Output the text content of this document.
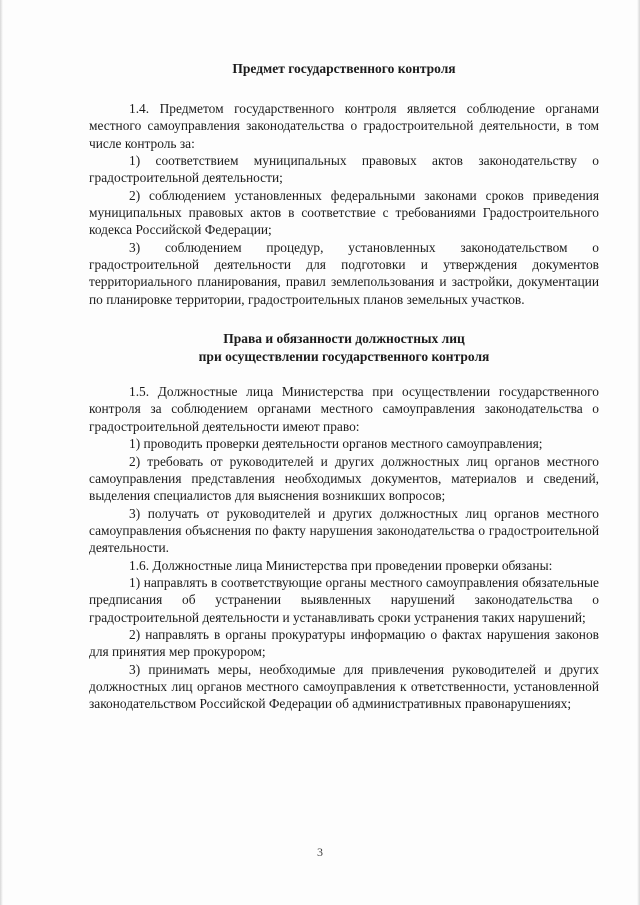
Предмет государственного контроля

1.4. Предметом государственного контроля является соблюдение органами местного самоуправления законодательства о градостроительной деятельности, в том числе контроль за:

1) соответствием муниципальных правовых актов законодательству о градостроительной деятельности;

2) соблюдением установленных федеральными законами сроков приведения муниципальных правовых актов в соответствие с требованиями Градостроительного кодекса Российской Федерации;

3) соблюдением процедур, установленных законодательством о градостроительной деятельности для подготовки и утверждения документов территориального планирования, правил землепользования и застройки, документации по планировке территории, градостроительных планов земельных участков.

Права и обязанности должностных лиц
при осуществлении государственного контроля

1.5. Должностные лица Министерства при осуществлении государственного контроля за соблюдением органами местного самоуправления законодательства о градостроительной деятельности имеют право:

1) проводить проверки деятельности органов местного самоуправления;

2) требовать от руководителей и других должностных лиц органов местного самоуправления представления необходимых документов, материалов и сведений, выделения специалистов для выяснения возникших вопросов;

3) получать от руководителей и других должностных лиц органов местного самоуправления объяснения по факту нарушения законодательства о градостроительной деятельности.

1.6. Должностные лица Министерства при проведении проверки обязаны:

1) направлять в соответствующие органы местного самоуправления обязательные предписания об устранении выявленных нарушений законодательства о градостроительной деятельности и устанавливать сроки устранения таких нарушений;

2) направлять в органы прокуратуры информацию о фактах нарушения законов для принятия мер прокурором;

3) принимать меры, необходимые для привлечения руководителей и других должностных лиц органов местного самоуправления к ответственности, установленной законодательством Российской Федерации об административных правонарушениях;

3
